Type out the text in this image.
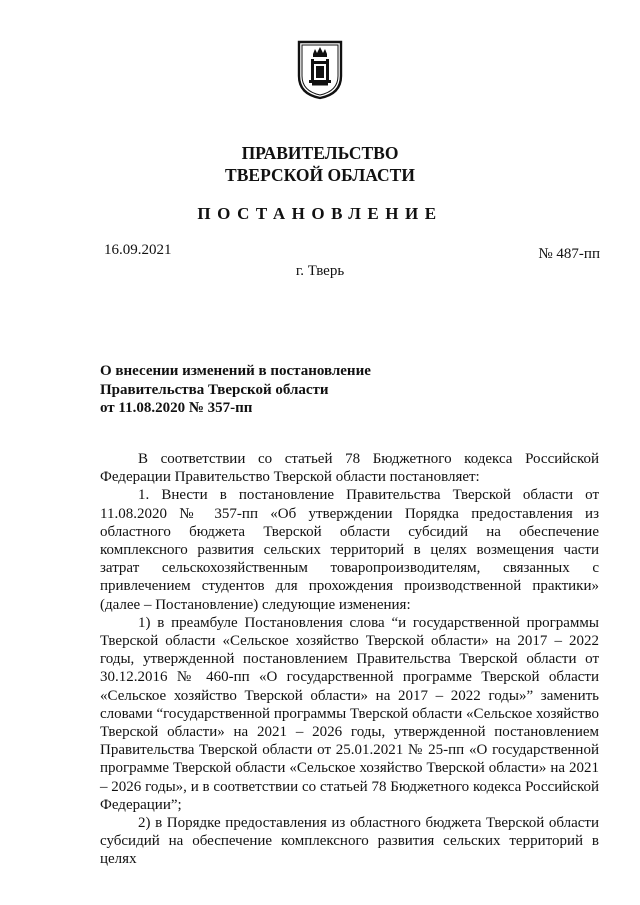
ПРАВИТЕЛЬСТВО
ТВЕРСКОЙ ОБЛАСТИ
ПОСТАНОВЛЕНИЕ
16.09.2021	№ 487-пп
г. Тверь
О внесении изменений в постановление
Правительства Тверской области
от 11.08.2020 № 357-пп

В соответствии со статьей 78 Бюджетного кодекса Российской Федерации Правительство Тверской области постановляет:

1. Внести в постановление Правительства Тверской области от 11.08.2020 № 357-пп «Об утверждении Порядка предоставления из областного бюджета Тверской области субсидий на обеспечение комплексного развития сельских территорий в целях возмещения части затрат сельскохозяйственным товаропроизводителям, связанных с привлечением студентов для прохождения производственной практики» (далее – Постановление) следующие изменения:

1) в преамбуле Постановления слова “и государственной программы Тверской области «Сельское хозяйство Тверской области» на 2017 – 2022 годы, утвержденной постановлением Правительства Тверской области от 30.12.2016 № 460-пп «О государственной программе Тверской области «Сельское хозяйство Тверской области» на 2017 – 2022 годы»” заменить словами “государственной программы Тверской области «Сельское хозяйство Тверской области» на 2021 – 2026 годы, утвержденной постановлением Правительства Тверской области от 25.01.2021 № 25-пп «О государственной программе Тверской области «Сельское хозяйство Тверской области» на 2021 – 2026 годы», и в соответствии со статьей 78 Бюджетного кодекса Российской Федерации”;

2) в Порядке предоставления из областного бюджета Тверской области субсидий на обеспечение комплексного развития сельских территорий в целях
